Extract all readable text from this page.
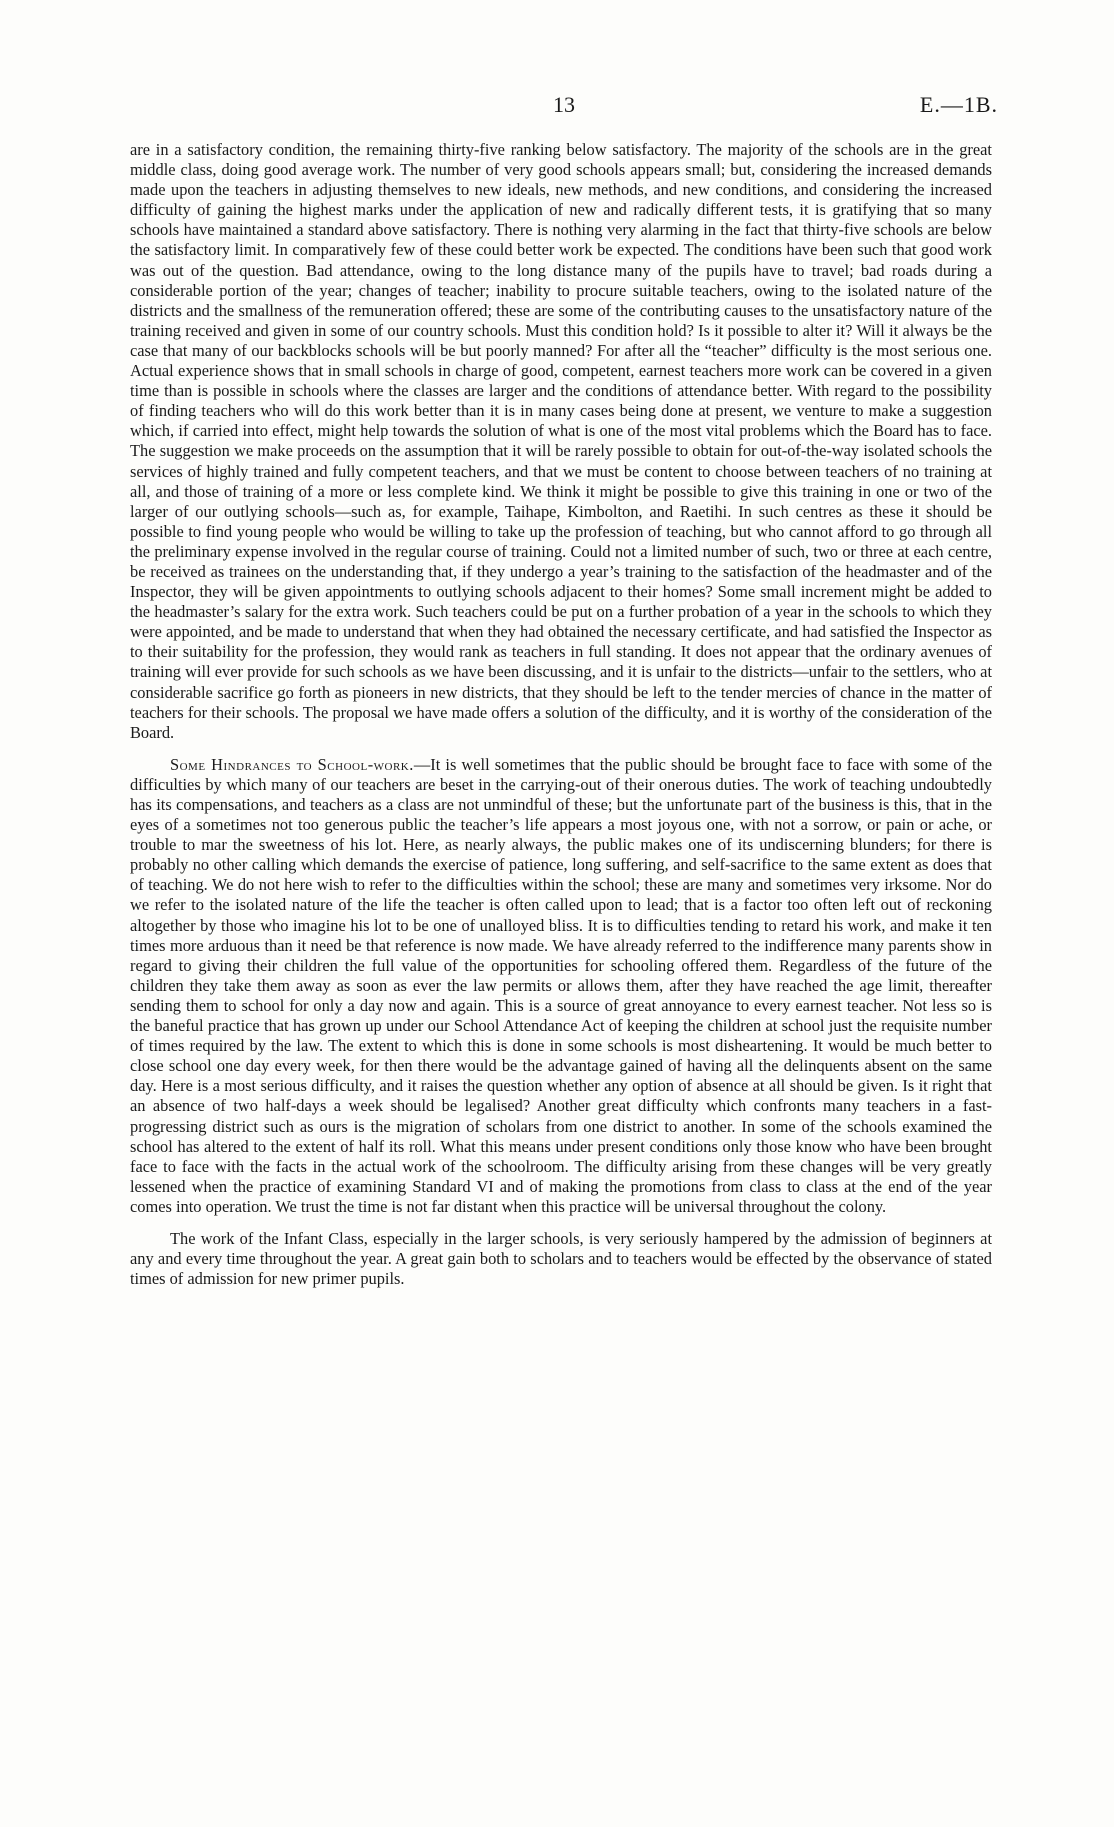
13	E.—1B.

are in a satisfactory condition, the remaining thirty-five ranking below satisfactory. The majority of the schools are in the great middle class, doing good average work. The number of very good schools appears small; but, considering the increased demands made upon the teachers in adjusting themselves to new ideals, new methods, and new conditions, and considering the increased difficulty of gaining the highest marks under the application of new and radically different tests, it is gratifying that so many schools have maintained a standard above satisfactory. There is nothing very alarming in the fact that thirty-five schools are below the satisfactory limit. In comparatively few of these could better work be expected. The conditions have been such that good work was out of the question. Bad attendance, owing to the long distance many of the pupils have to travel; bad roads during a considerable portion of the year; changes of teacher; inability to procure suitable teachers, owing to the isolated nature of the districts and the smallness of the remuneration offered; these are some of the contributing causes to the unsatisfactory nature of the training received and given in some of our country schools. Must this condition hold? Is it possible to alter it? Will it always be the case that many of our backblocks schools will be but poorly manned? For after all the “teacher” difficulty is the most serious one. Actual experience shows that in small schools in charge of good, competent, earnest teachers more work can be covered in a given time than is possible in schools where the classes are larger and the conditions of attendance better. With regard to the possibility of finding teachers who will do this work better than it is in many cases being done at present, we venture to make a suggestion which, if carried into effect, might help towards the solution of what is one of the most vital problems which the Board has to face. The suggestion we make proceeds on the assumption that it will be rarely possible to obtain for out-of-the-way isolated schools the services of highly trained and fully competent teachers, and that we must be content to choose between teachers of no training at all, and those of training of a more or less complete kind. We think it might be possible to give this training in one or two of the larger of our outlying schools—such as, for example, Taihape, Kimbolton, and Raetihi. In such centres as these it should be possible to find young people who would be willing to take up the profession of teaching, but who cannot afford to go through all the preliminary expense involved in the regular course of training. Could not a limited number of such, two or three at each centre, be received as trainees on the understanding that, if they undergo a year’s training to the satisfaction of the headmaster and of the Inspector, they will be given appointments to outlying schools adjacent to their homes? Some small increment might be added to the headmaster’s salary for the extra work. Such teachers could be put on a further probation of a year in the schools to which they were appointed, and be made to understand that when they had obtained the necessary certificate, and had satisfied the Inspector as to their suitability for the profession, they would rank as teachers in full standing. It does not appear that the ordinary avenues of training will ever provide for such schools as we have been discussing, and it is unfair to the districts—unfair to the settlers, who at considerable sacrifice go forth as pioneers in new districts, that they should be left to the tender mercies of chance in the matter of teachers for their schools. The proposal we have made offers a solution of the difficulty, and it is worthy of the consideration of the Board.

Some Hindrances to School-work.—It is well sometimes that the public should be brought face to face with some of the difficulties by which many of our teachers are beset in the carrying-out of their onerous duties. The work of teaching undoubtedly has its compensations, and teachers as a class are not unmindful of these; but the unfortunate part of the business is this, that in the eyes of a sometimes not too generous public the teacher’s life appears a most joyous one, with not a sorrow, or pain or ache, or trouble to mar the sweetness of his lot. Here, as nearly always, the public makes one of its undiscerning blunders; for there is probably no other calling which demands the exercise of patience, long suffering, and self-sacrifice to the same extent as does that of teaching. We do not here wish to refer to the difficulties within the school; these are many and sometimes very irksome. Nor do we refer to the isolated nature of the life the teacher is often called upon to lead; that is a factor too often left out of reckoning altogether by those who imagine his lot to be one of unalloyed bliss. It is to difficulties tending to retard his work, and make it ten times more arduous than it need be that reference is now made. We have already referred to the indifference many parents show in regard to giving their children the full value of the opportunities for schooling offered them. Regardless of the future of the children they take them away as soon as ever the law permits or allows them, after they have reached the age limit, thereafter sending them to school for only a day now and again. This is a source of great annoyance to every earnest teacher. Not less so is the baneful practice that has grown up under our School Attendance Act of keeping the children at school just the requisite number of times required by the law. The extent to which this is done in some schools is most disheartening. It would be much better to close school one day every week, for then there would be the advantage gained of having all the delinquents absent on the same day. Here is a most serious difficulty, and it raises the question whether any option of absence at all should be given. Is it right that an absence of two half-days a week should be legalised? Another great difficulty which confronts many teachers in a fast-progressing district such as ours is the migration of scholars from one district to another. In some of the schools examined the school has altered to the extent of half its roll. What this means under present conditions only those know who have been brought face to face with the facts in the actual work of the schoolroom. The difficulty arising from these changes will be very greatly lessened when the practice of examining Standard VI and of making the promotions from class to class at the end of the year comes into operation. We trust the time is not far distant when this practice will be universal throughout the colony.

The work of the Infant Class, especially in the larger schools, is very seriously hampered by the admission of beginners at any and every time throughout the year. A great gain both to scholars and to teachers would be effected by the observance of stated times of admission for new primer pupils.
